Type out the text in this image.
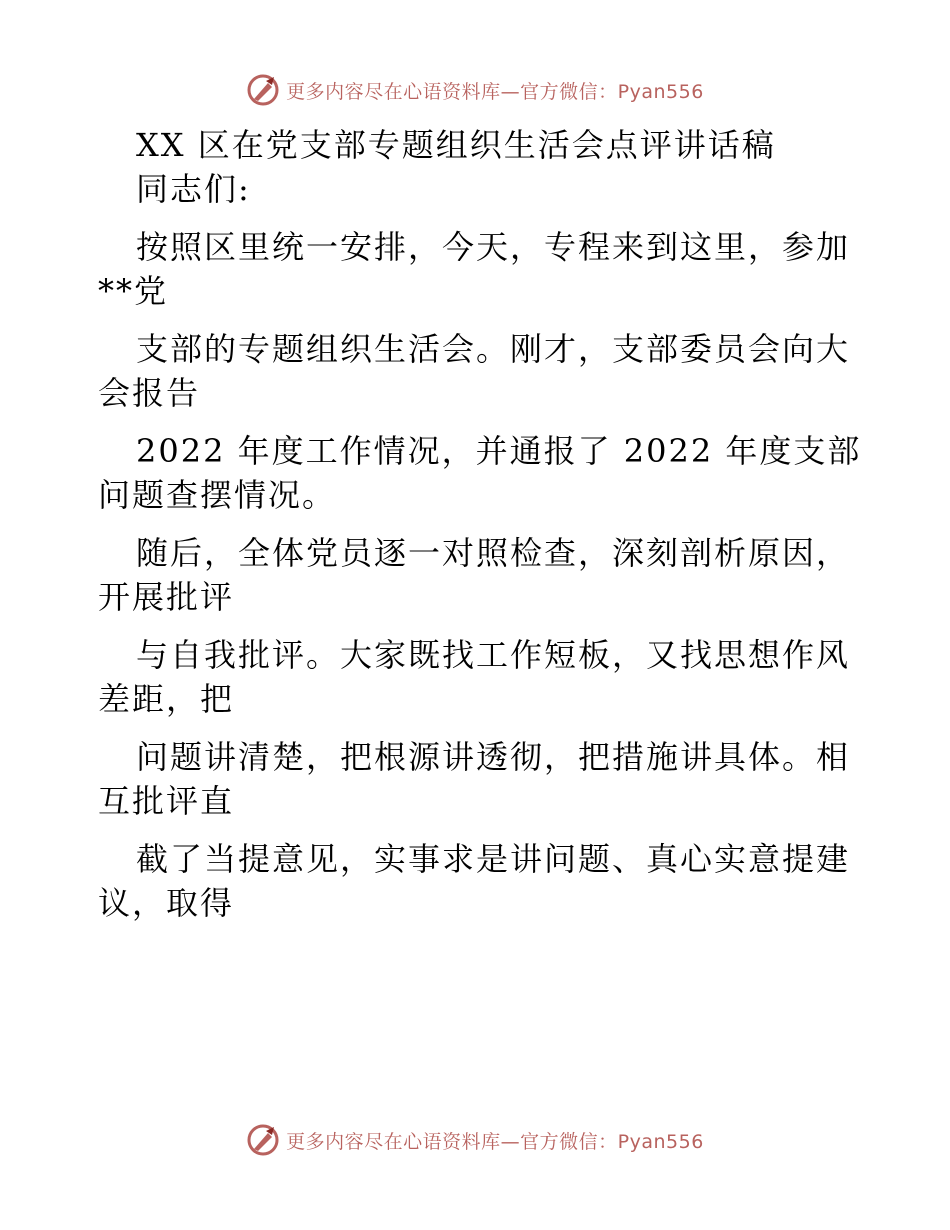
更多内容尽在心语资料库—官方微信：Pyan556
XX 区在党支部专题组织生活会点评讲话稿
同志们:
按照区里统一安排，今天，专程来到这里，参加
**党
支部的专题组织生活会。刚才，支部委员会向大
会报告
2022 年度工作情况，并通报了 2022 年度支部
问题查摆情况。
随后，全体党员逐一对照检查，深刻剖析原因，
开展批评
与自我批评。大家既找工作短板，又找思想作风
差距，把
问题讲清楚，把根源讲透彻，把措施讲具体。相
互批评直
截了当提意见，实事求是讲问题、真心实意提建
议，取得
更多内容尽在心语资料库—官方微信：Pyan556
